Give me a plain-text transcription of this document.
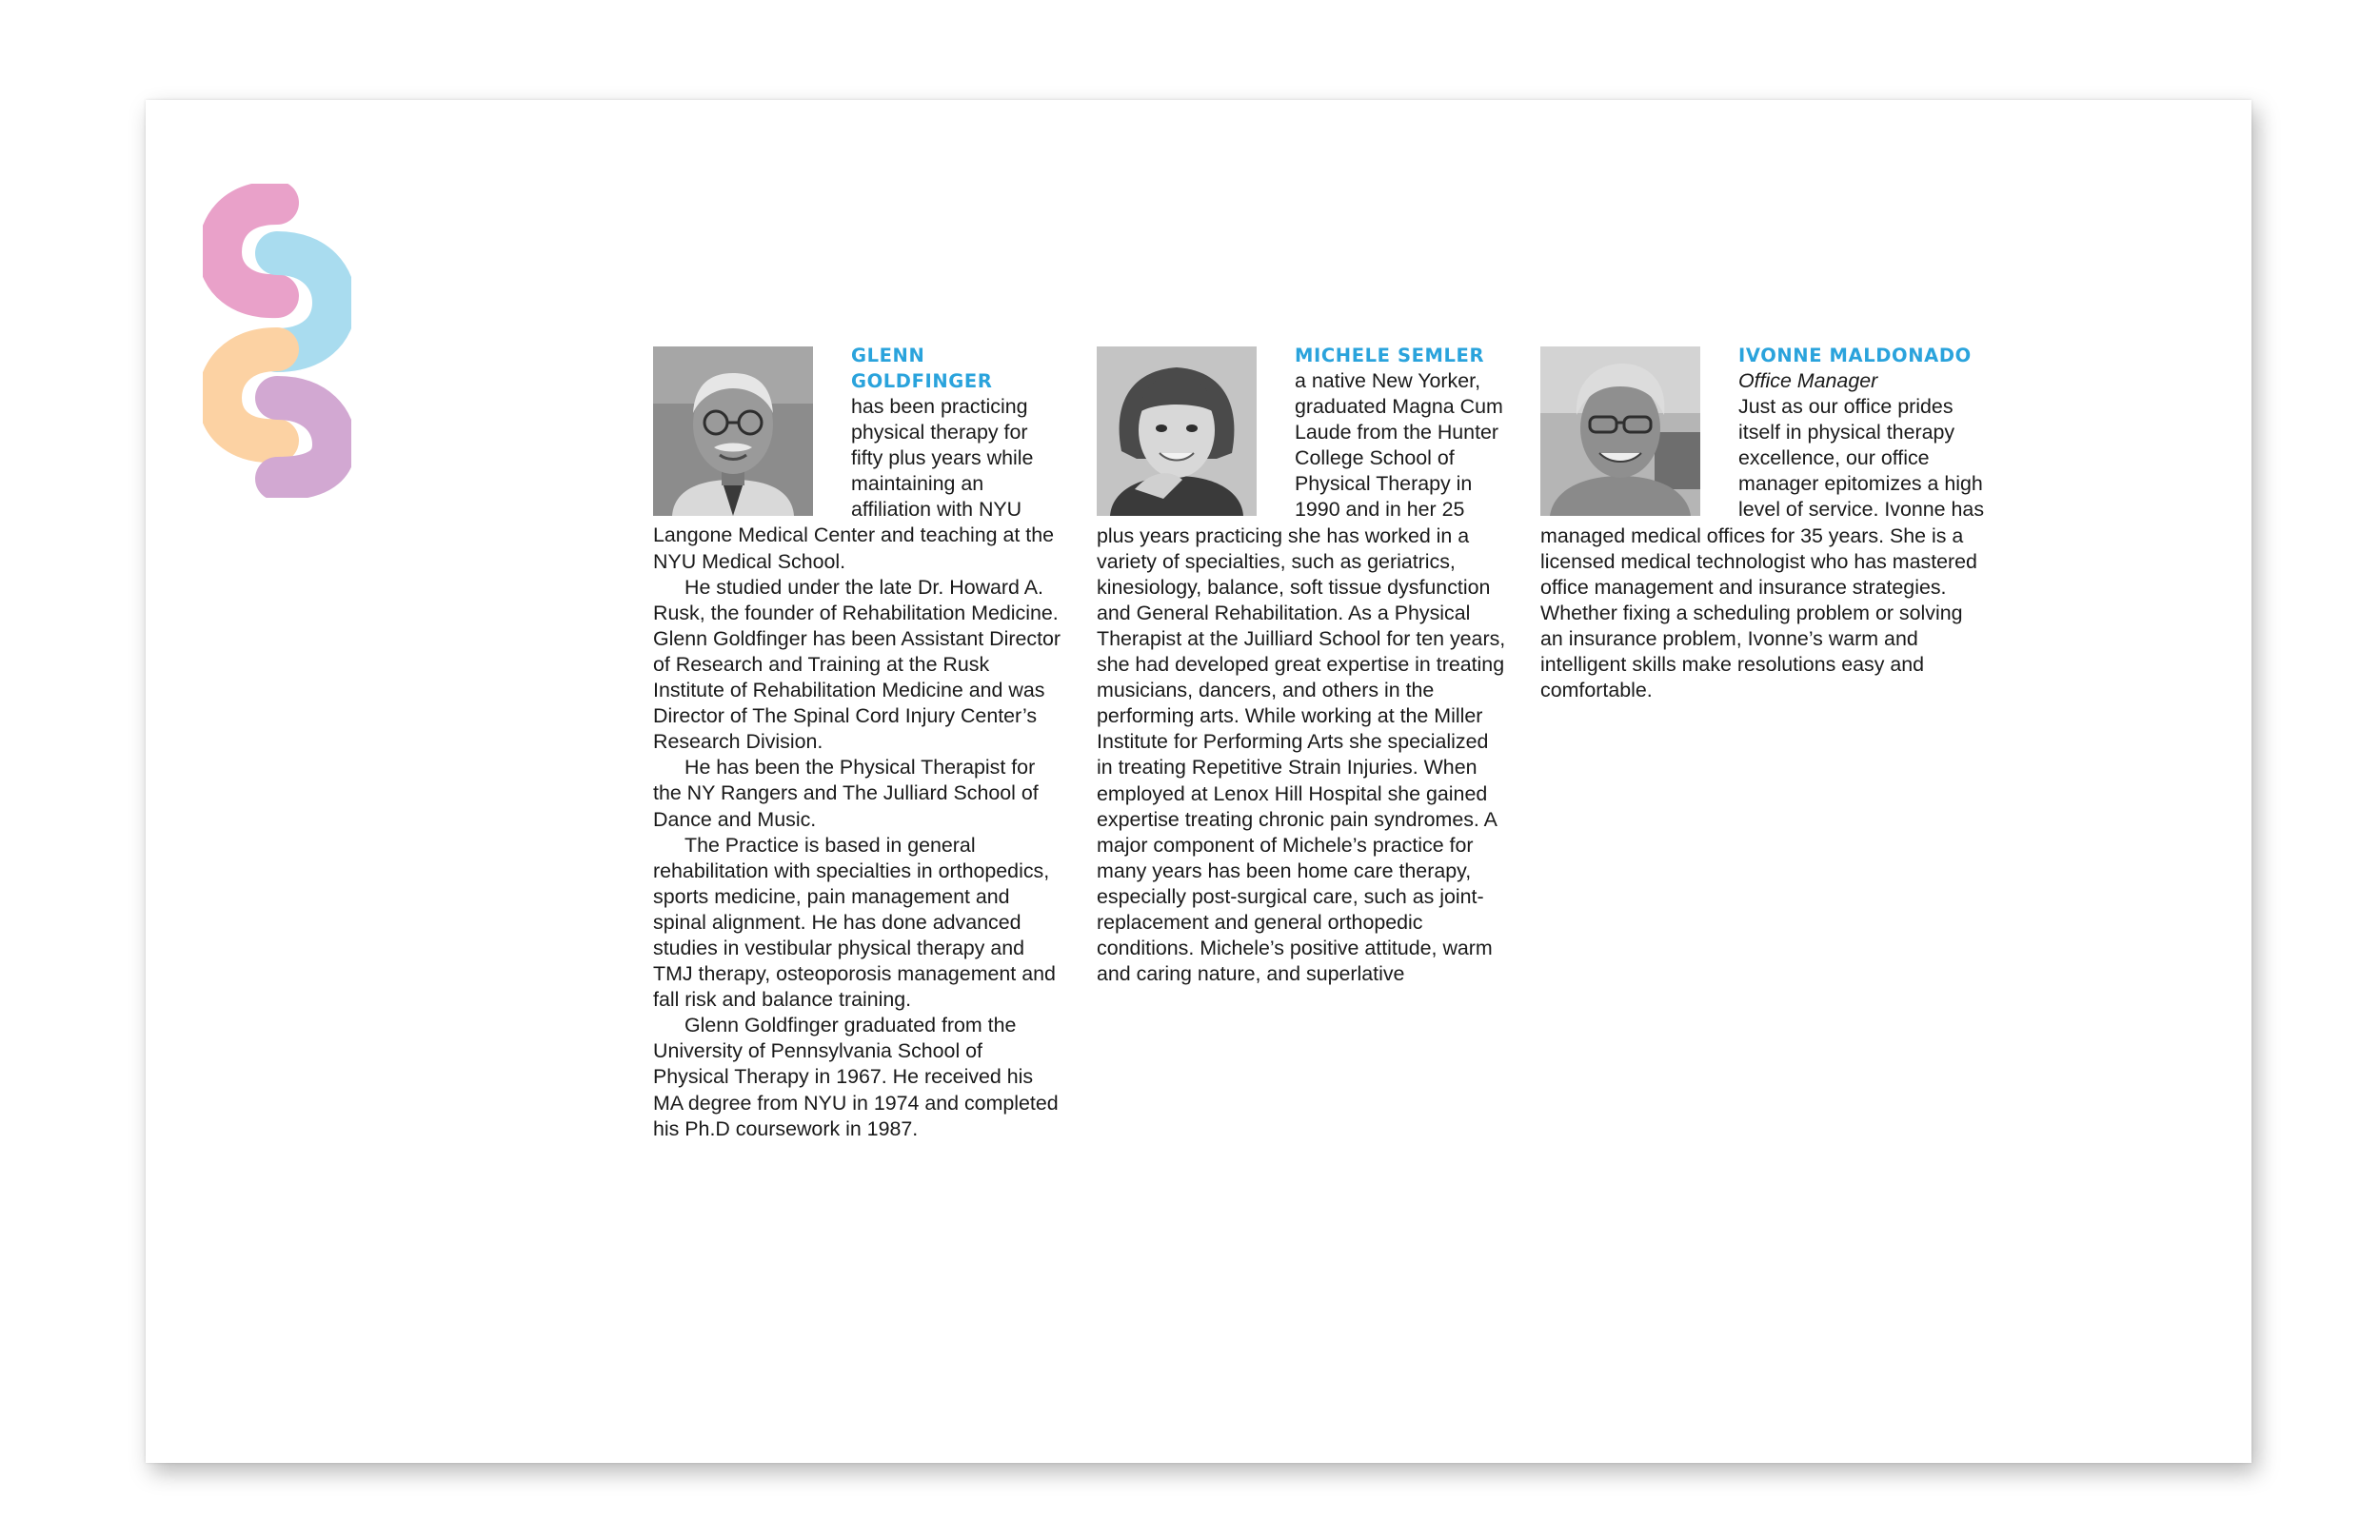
GLENN GOLDFINGER
has been practicing physical therapy for fifty plus years while maintaining an affiliation with NYU Langone Medical Center and teaching at the NYU Medical School.
He studied under the late Dr. Howard A. Rusk, the founder of Rehabilitation Medicine. Glenn Goldfinger has been Assistant Director of Research and Training at the Rusk Institute of Rehabilitation Medicine and was Director of The Spinal Cord Injury Center’s Research Division.
He has been the Physical Therapist for the NY Rangers and The Julliard School of Dance and Music.
The Practice is based in general rehabilitation with specialties in orthopedics, sports medicine, pain management and spinal alignment. He has done advanced studies in vestibular physical therapy and TMJ therapy, osteoporosis management and fall risk and balance training.
Glenn Goldfinger graduated from the University of Pennsylvania School of Physical Therapy in 1967. He received his MA degree from NYU in 1974 and completed his Ph.D coursework in 1987.
MICHELE SEMLER
a native New Yorker, graduated Magna Cum Laude from the Hunter College School of Physical Therapy in 1990 and in her 25 plus years practicing she has worked in a variety of specialties, such as geriatrics, kinesiology, balance, soft tissue dysfunction and General Rehabilitation. As a Physical Therapist at the Juilliard School for ten years, she had developed great expertise in treating musicians, dancers, and others in the performing arts. While working at the Miller Institute for Performing Arts she specialized in treating Repetitive Strain Injuries. When employed at Lenox Hill Hospital she gained expertise treating chronic pain syndromes. A major component of Michele’s practice for many years has been home care therapy, especially post-surgical care, such as joint-replacement and general orthopedic conditions. Michele’s positive attitude, warm and caring nature, and superlative
IVONNE MALDONADO
Office Manager
Just as our office prides itself in physical therapy excellence, our office manager epitomizes a high level of service. Ivonne has managed medical offices for 35 years. She is a licensed medical technologist who has mastered office management and insurance strategies. Whether fixing a scheduling problem or solving an insurance problem, Ivonne’s warm and intelligent skills make resolutions easy and comfortable.
